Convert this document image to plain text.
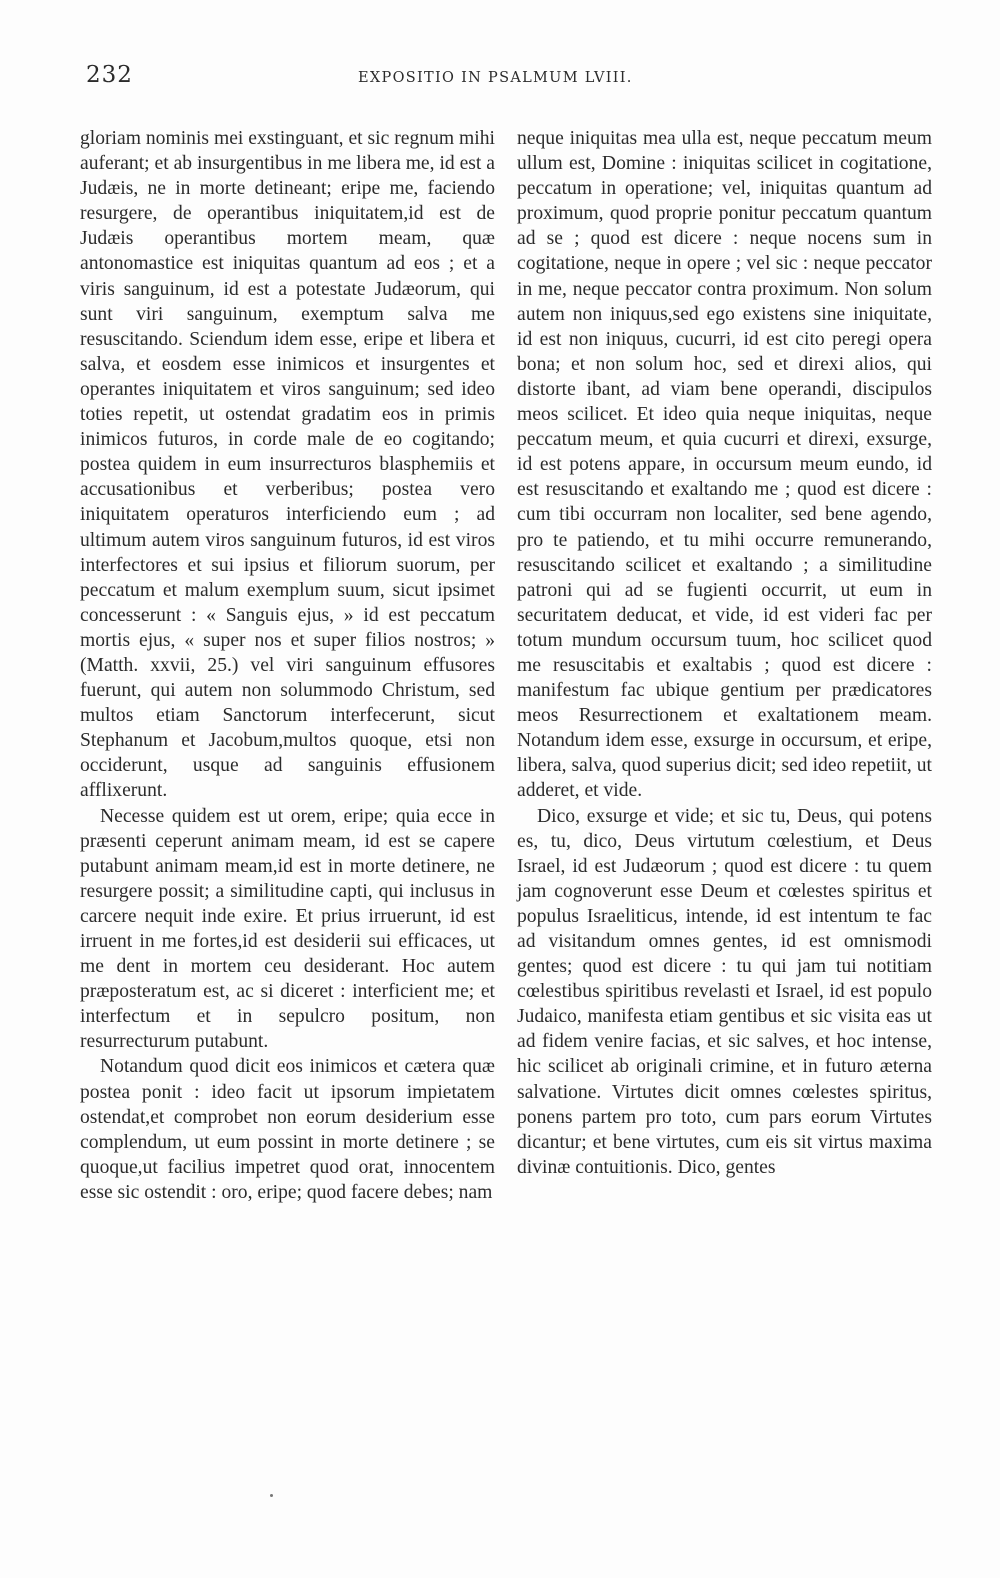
232	EXPOSITIO IN PSALMUM LVIII.

gloriam nominis mei exstinguant, et sic regnum mihi auferant; et ab insurgentibus in me libera me, id est a Judæis, ne in morte detineant; eripe me, faciendo resurgere, de operantibus iniquitatem,id est de Judæis operantibus mortem meam, quæ antonomastice est iniquitas quantum ad eos ; et a viris sanguinum, id est a potestate Judæorum, qui sunt viri sanguinum, exemptum salva me resuscitando. Sciendum idem esse, eripe et libera et salva, et eosdem esse inimicos et insurgentes et operantes iniquitatem et viros sanguinum; sed ideo toties repetit, ut ostendat gradatim eos in primis inimicos futuros, in corde male de eo cogitando; postea quidem in eum insurrecturos blasphemiis et accusationibus et verberibus; postea vero iniquitatem operaturos interficiendo eum ; ad ultimum autem viros sanguinum futuros, id est viros interfectores et sui ipsius et filiorum suorum, per peccatum et malum exemplum suum, sicut ipsimet concesserunt : « Sanguis ejus, » id est peccatum mortis ejus, « super nos et super filios nostros; » (Matth. xxvii, 25.) vel viri sanguinum effusores fuerunt, qui autem non solummodo Christum, sed multos etiam Sanctorum interfecerunt, sicut Stephanum et Jacobum,multos quoque, etsi non occiderunt, usque ad sanguinis effusionem afflixerunt.

Necesse quidem est ut orem, eripe; quia ecce in præsenti ceperunt animam meam, id est se capere putabunt animam meam,id est in morte detinere, ne resurgere possit; a similitudine capti, qui inclusus in carcere nequit inde exire. Et prius irruerunt, id est irruent in me fortes,id est desiderii sui efficaces, ut me dent in mortem ceu desiderant. Hoc autem præposteratum est, ac si diceret : interficient me; et interfectum et in sepulcro positum, non resurrecturum putabunt.

Notandum quod dicit eos inimicos et cætera quæ postea ponit : ideo facit ut ipsorum impietatem ostendat,et comprobet non eorum desiderium esse complendum, ut eum possint in morte detinere ; se quoque,ut facilius impetret quod orat, innocentem esse sic ostendit : oro, eripe; quod facere debes; nam

neque iniquitas mea ulla est, neque peccatum meum ullum est, Domine : iniquitas scilicet in cogitatione, peccatum in operatione; vel, iniquitas quantum ad proximum, quod proprie ponitur peccatum quantum ad se ; quod est dicere : neque nocens sum in cogitatione, neque in opere ; vel sic : neque peccator in me, neque peccator contra proximum. Non solum autem non iniquus,sed ego existens sine iniquitate, id est non iniquus, cucurri, id est cito peregi opera bona; et non solum hoc, sed et direxi alios, qui distorte ibant, ad viam bene operandi, discipulos meos scilicet. Et ideo quia neque iniquitas, neque peccatum meum, et quia cucurri et direxi, exsurge, id est potens appare, in occursum meum eundo, id est resuscitando et exaltando me ; quod est dicere : cum tibi occurram non localiter, sed bene agendo, pro te patiendo, et tu mihi occurre remunerando, resuscitando scilicet et exaltando ; a similitudine patroni qui ad se fugienti occurrit, ut eum in securitatem deducat, et vide, id est videri fac per totum mundum occursum tuum, hoc scilicet quod me resuscitabis et exaltabis ; quod est dicere : manifestum fac ubique gentium per prædicatores meos Resurrectionem et exaltationem meam. Notandum idem esse, exsurge in occursum, et eripe, libera, salva, quod superius dicit; sed ideo repetiit, ut adderet, et vide.

Dico, exsurge et vide; et sic tu, Deus, qui potens es, tu, dico, Deus virtutum cœlestium, et Deus Israel, id est Judæorum ; quod est dicere : tu quem jam cognoverunt esse Deum et cœlestes spiritus et populus Israeliticus, intende, id est intentum te fac ad visitandum omnes gentes, id est omnismodi gentes; quod est dicere : tu qui jam tui notitiam cœlestibus spiritibus revelasti et Israel, id est populo Judaico, manifesta etiam gentibus et sic visita eas ut ad fidem venire facias, et sic salves, et hoc intense, hic scilicet ab originali crimine, et in futuro æterna salvatione. Virtutes dicit omnes cœlestes spiritus, ponens partem pro toto, cum pars eorum Virtutes dicantur; et bene virtutes, cum eis sit virtus maxima divinæ contuitionis. Dico, gentes
